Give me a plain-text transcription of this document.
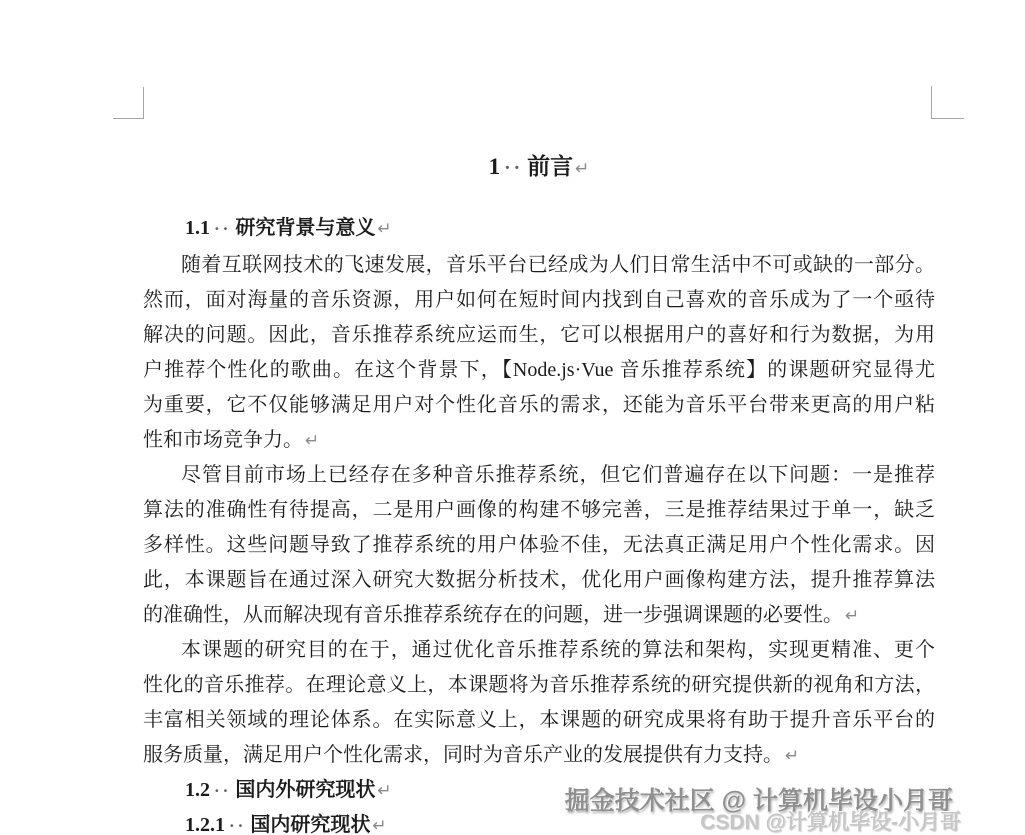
1 ·· 前言 ↵
1.1 ·· 研究背景与意义 ↵
随着互联网技术的飞速发展，音乐平台已经成为人们日常生活中不可或缺的一部分。
然而，面对海量的音乐资源，用户如何在短时间内找到自己喜欢的音乐成为了一个亟待
解决的问题。因此，音乐推荐系统应运而生，它可以根据用户的喜好和行为数据，为用
户推荐个性化的歌曲。在这个背景下，【Node.js·Vue 音乐推荐系统】的课题研究显得尤
为重要，它不仅能够满足用户对个性化音乐的需求，还能为音乐平台带来更高的用户粘
性和市场竞争力。 ↵
尽管目前市场上已经存在多种音乐推荐系统，但它们普遍存在以下问题：一是推荐
算法的准确性有待提高，二是用户画像的构建不够完善，三是推荐结果过于单一，缺乏
多样性。这些问题导致了推荐系统的用户体验不佳，无法真正满足用户个性化需求。因
此，本课题旨在通过深入研究大数据分析技术，优化用户画像构建方法，提升推荐算法
的准确性，从而解决现有音乐推荐系统存在的问题，进一步强调课题的必要性。 ↵
本课题的研究目的在于，通过优化音乐推荐系统的算法和架构，实现更精准、更个
性化的音乐推荐。在理论意义上，本课题将为音乐推荐系统的研究提供新的视角和方法，
丰富相关领域的理论体系。在实际意义上，本课题的研究成果将有助于提升音乐平台的
服务质量，满足用户个性化需求，同时为音乐产业的发展提供有力支持。 ↵
1.2 ·· 国内外研究现状 ↵
1.2.1 ·· 国内研究现状 ↵
掘金技术社区 @ 计算机毕设小月哥
CSDN @计算机毕设-小月哥
